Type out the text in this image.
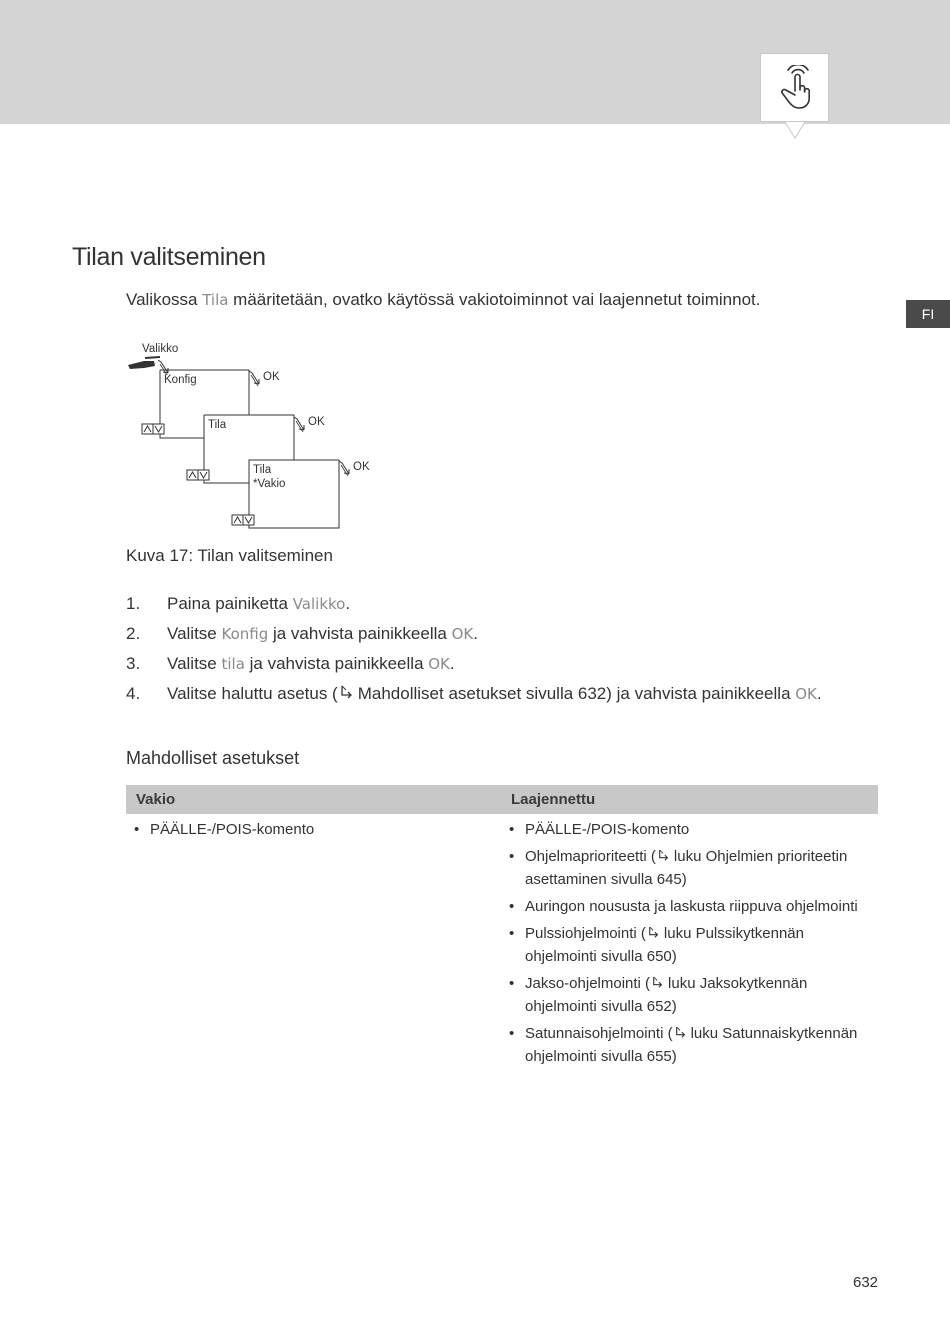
FI
Tilan valitseminen
Valikossa Tila määritetään, ovatko käytössä vakiotoiminnot vai laajennetut toiminnot.
Valikko
Konfig	OK
Tila	OK
Tila
*Vakio
OK
Kuva 17: Tilan valitseminen
1. Paina painiketta Valikko.
2. Valitse Konfig ja vahvista painikkeella OK.
3. Valitse tila ja vahvista painikkeella OK.
4. Valitse haluttu asetus ( Mahdolliset asetukset sivulla 632) ja vahvista painikkeella OK.
Mahdolliset asetukset
Vakio	Laajennettu
• PÄÄLLE-/POIS-komento
•	PÄÄLLE-/POIS-komento
• Ohjelmaprioriteetti ( luku Ohjelmien prioriteetin asettaminen sivulla 645)
• Auringon noususta ja laskusta riippuva ohjelmointi
• Pulssiohjelmointi ( luku Pulssikytkennän ohjelmointi sivulla 650)
• Jakso-ohjelmointi ( luku Jaksokytkennän ohjelmointi sivulla 652)
• Satunnaisohjelmointi ( luku Satunnaiskytkennän ohjelmointi sivulla 655)
632
